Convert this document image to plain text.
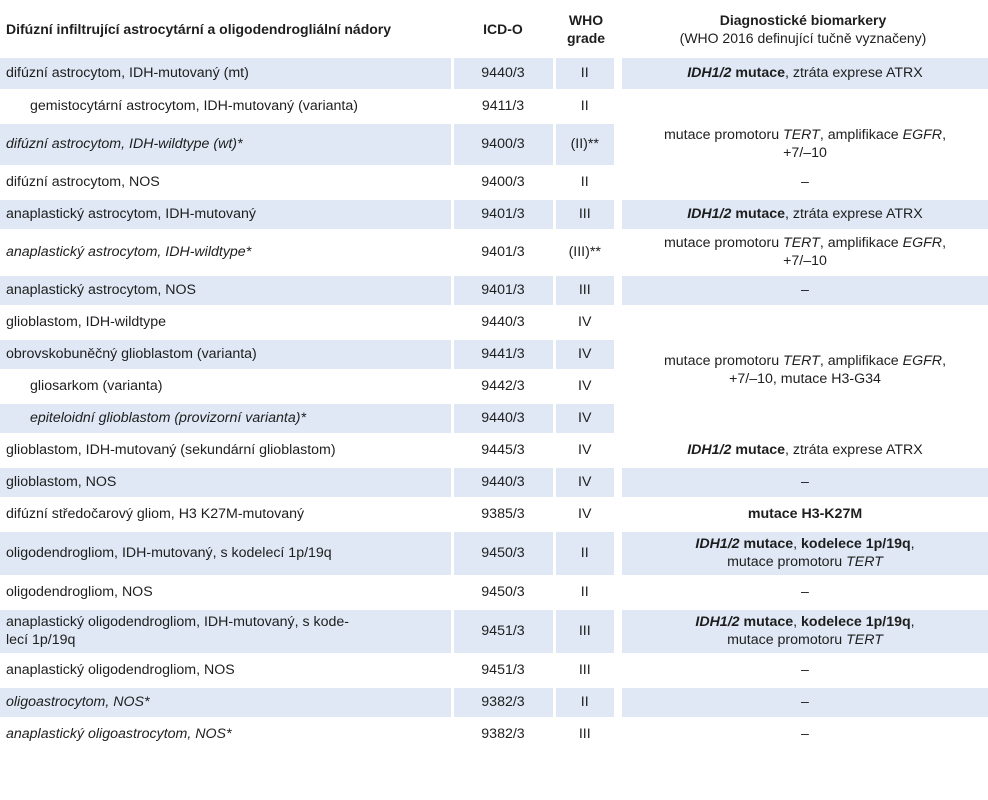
Difúzní infiltrující astrocytární a oligodendrogliální nádory	ICD-O	WHO
grade	Diagnostické biomarkery
(WHO 2016 definující tučně vyznačeny)

difúzní astrocytom, IDH-mutovaný (mt)	9440/3	II	IDH1/2 mutace, ztráta exprese ATRX
gemistocytární astrocytom, IDH-mutovaný (varianta)	9411/3	II	
difúzní astrocytom, IDH-wildtype (wt)*	9400/3	(II)**	mutace promotoru TERT, amplifikace EGFR,
+7/–10
difúzní astrocytom, NOS	9400/3	II	–
anaplastický astrocytom, IDH-mutovaný	9401/3	III	IDH1/2 mutace, ztráta exprese ATRX
anaplastický astrocytom, IDH-wildtype*	9401/3	(III)**	mutace promotoru TERT, amplifikace EGFR,
+7/–10
anaplastický astrocytom, NOS	9401/3	III	–
glioblastom, IDH-wildtype	9440/3	IV	mutace promotoru TERT, amplifikace EGFR,
+7/–10, mutace H3-G34
obrovskobuněčný glioblastom (varianta)	9441/3	IV	
gliosarkom (varianta)	9442/3	IV	
epiteloidní glioblastom (provizorní varianta)*	9440/3	IV	
glioblastom, IDH-mutovaný (sekundární glioblastom)	9445/3	IV	IDH1/2 mutace, ztráta exprese ATRX
glioblastom, NOS	9440/3	IV	–
difúzní středočarový gliom, H3 K27M-mutovaný	9385/3	IV	mutace H3-K27M
oligodendrogliom, IDH-mutovaný, s kodelecí 1p/19q	9450/3	II	IDH1/2 mutace, kodelece 1p/19q,
mutace promotoru TERT
oligodendrogliom, NOS	9450/3	II	–
anaplastický oligodendrogliom, IDH-mutovaný, s kode-
lecí 1p/19q	9451/3	III	IDH1/2 mutace, kodelece 1p/19q,
mutace promotoru TERT
anaplastický oligodendrogliom, NOS	9451/3	III	–
oligoastrocytom, NOS*	9382/3	II	–
anaplastický oligoastrocytom, NOS*	9382/3	III	–
